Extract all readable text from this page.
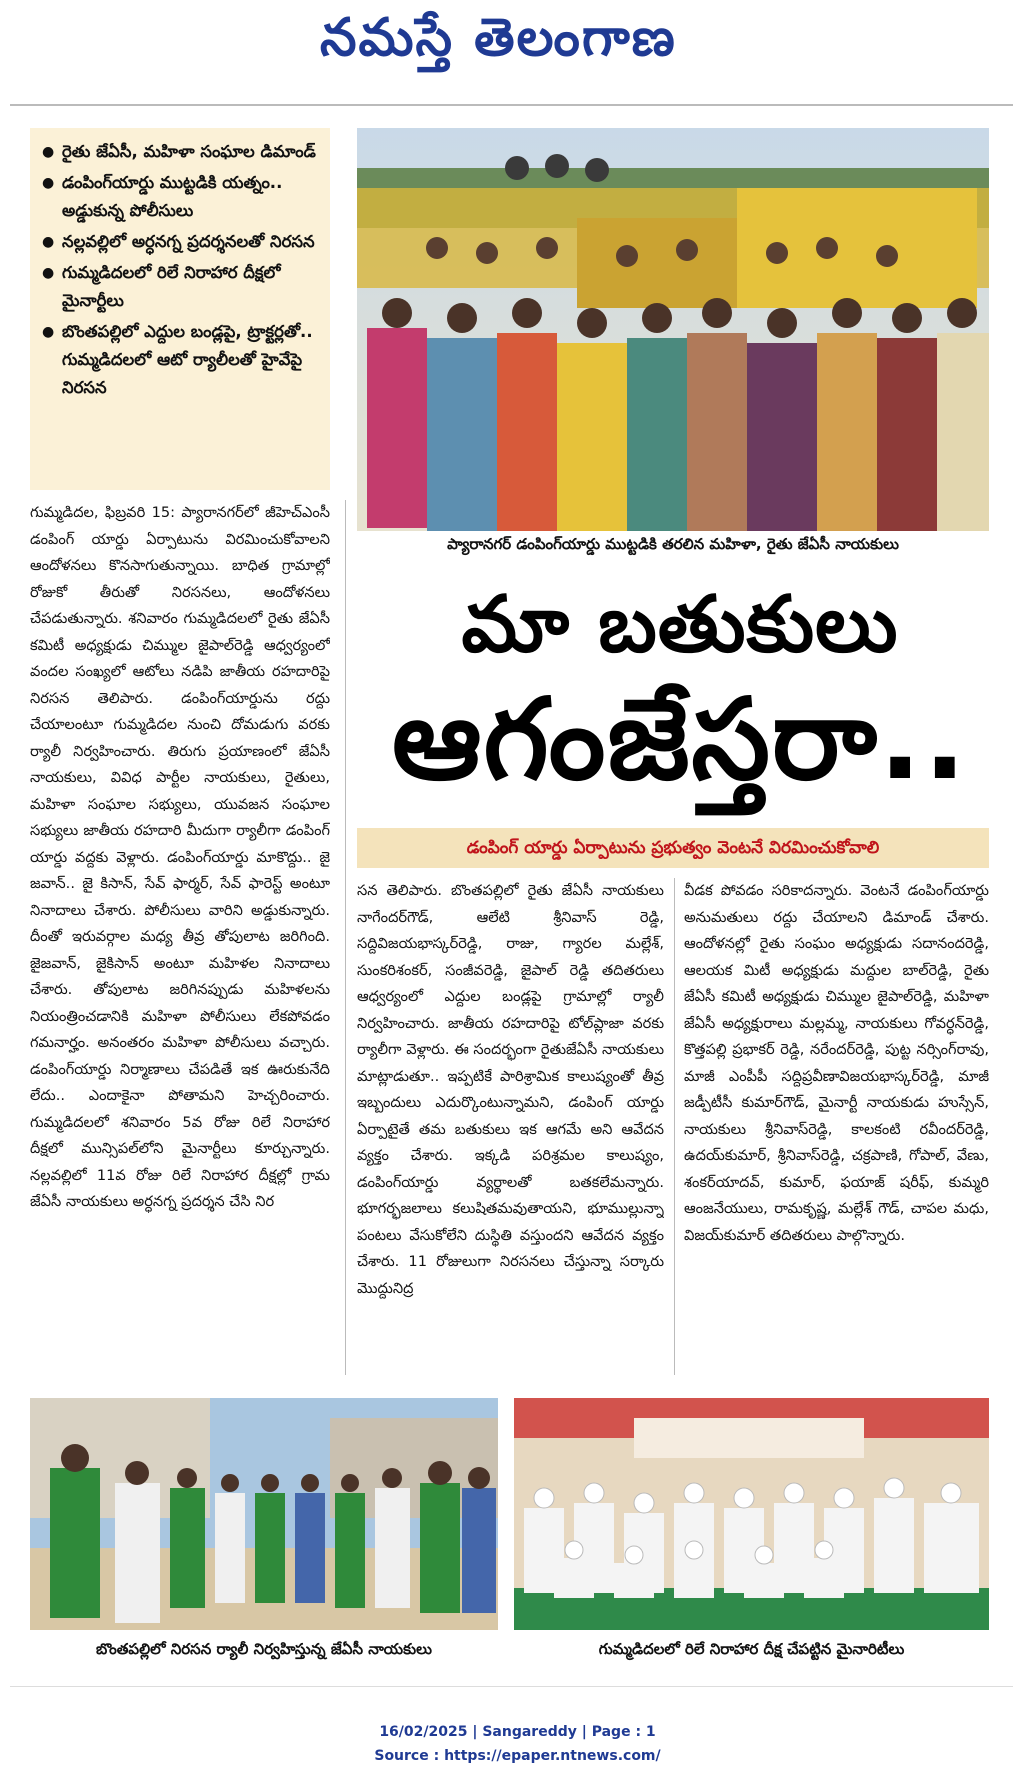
నమస్తే తెలంగాణ
● రైతు జేఏసీ, మహిళా సంఘాల డిమాండ్
● డంపింగ్‌యార్డు ముట్టడికి యత్నం.. అడ్డుకున్న పోలీసులు
● నల్లవల్లిలో అర్ధనగ్న ప్రదర్శనలతో నిరసన
● గుమ్మడిదలలో రిలే నిరాహార దీక్షలో మైనార్టీలు
● బొంతపల్లిలో ఎద్దుల బండ్లపై, ట్రాక్టర్లతో.. గుమ్మడిదలలో ఆటో ర్యాలీలతో హైవేపై నిరసన
ప్యారానగర్ డంపింగ్‌యార్డు ముట్టడికి తరలిన మహిళా, రైతు జేఏసీ నాయకులు
మా బతుకులు
ఆగంజేస్తరా..
డంపింగ్ యార్డు ఏర్పాటును ప్రభుత్వం వెంటనే విరమించుకోవాలి

గుమ్మడిదల, ఫిబ్రవరి 15: ప్యారానగర్‌లో జీహెచ్‌ఎంసీ డంపింగ్ యార్డు ఏర్పాటును విరమించుకోవాలని ఆందోళనలు కొనసాగుతున్నాయి. బాధిత గ్రామాల్లో రోజుకో తీరుతో నిరసనలు, ఆందోళనలు చేపడుతున్నారు. శనివారం గుమ్మడిదలలో రైతు జేఏసీ కమిటీ అధ్యక్షుడు చిమ్ముల జైపాల్‌రెడ్డి ఆధ్వర్యంలో వందల సంఖ్యలో ఆటోలు నడిపి జాతీయ రహదారిపై నిరసన తెలిపారు. డంపింగ్‌యార్డును రద్దు చేయాలంటూ గుమ్మడిదల నుంచి దోమడుగు వరకు ర్యాలీ నిర్వహించారు. తిరుగు ప్రయాణంలో జేఏసీ నాయకులు, వివిధ పార్టీల నాయకులు, రైతులు, మహిళా సంఘాల సభ్యులు, యువజన సంఘాల సభ్యులు జాతీయ రహదారి మీదుగా ర్యాలీగా డంపింగ్ యార్డు వద్దకు వెళ్లారు. డంపింగ్‌యార్డు మాకొద్దు.. జై జవాన్.. జై కిసాన్, సేవ్ ఫార్మర్, సేవ్ ఫారెస్ట్ అంటూ నినాదాలు చేశారు. పోలీసులు వారిని అడ్డుకున్నారు. దీంతో ఇరువర్గాల మధ్య తీవ్ర తోపులాట జరిగింది. జైజవాన్, జైకిసాన్ అంటూ మహిళల నినాదాలు చేశారు. తోపులాట జరిగినప్పుడు మహిళలను నియంత్రించడానికి మహిళా పోలీసులు లేకపోవడం గమనార్హం. అనంతరం మహిళా పోలీసులు వచ్చారు. డంపింగ్‌యార్డు నిర్మాణాలు చేపడితే ఇక ఊరుకునేది లేదు.. ఎందాకైనా పోతామని హెచ్చరించారు. గుమ్మడిదలలో శనివారం 5వ రోజు రిలే నిరాహార దీక్షలో మున్సిపల్‌లోని మైనార్టీలు కూర్చున్నారు. నల్లవల్లిలో 11వ రోజు రిలే నిరాహార దీక్షల్లో గ్రామ జేఏసీ నాయకులు అర్ధనగ్న ప్రదర్శన చేసి నిర

సన తెలిపారు. బొంతపల్లిలో రైతు జేఏసీ నాయకులు నాగేందర్‌గౌడ్, ఆలేటి శ్రీనివాస్ రెడ్డి, సద్దివిజయభాస్కర్‌రెడ్డి, రాజు, గ్యారల మల్లేశ్, సుంకరిశంకర్, సంజీవరెడ్డి, జైపాల్ రెడ్డి తదితరులు ఆధ్వర్యంలో ఎద్దుల బండ్లపై గ్రామాల్లో ర్యాలీ నిర్వహించారు. జాతీయ రహదారిపై టోల్‌ప్లాజా వరకు ర్యాలీగా వెళ్లారు. ఈ సందర్భంగా రైతుజేఏసీ నాయకులు మాట్లాడుతూ.. ఇప్పటికే పారిశ్రామిక కాలుష్యంతో తీవ్ర ఇబ్బందులు ఎదుర్కొంటున్నామని, డంపింగ్ యార్డు ఏర్పాటైతే తమ బతుకులు ఇక ఆగమే అని ఆవేదన వ్యక్తం చేశారు. ఇక్కడి పరిశ్రమల కాలుష్యం, డంపింగ్‌యార్డు వ్యర్థాలతో బతకలేమన్నారు. భూగర్భజలాలు కలుషితమవుతాయని, భూముల్లున్నా పంటలు వేసుకోలేని దుస్థితి వస్తుందని ఆవేదన వ్యక్తం చేశారు. 11 రోజులుగా నిరసనలు చేస్తున్నా సర్కారు మొద్దునిద్ర

వీడక పోవడం సరికాదన్నారు. వెంటనే డంపింగ్‌యార్డు అనుమతులు రద్దు చేయాలని డిమాండ్ చేశారు. ఆందోళనల్లో రైతు సంఘం అధ్యక్షుడు సదానందరెడ్డి, ఆలయక మిటీ అధ్యక్షుడు మద్దుల బాల్‌రెడ్డి, రైతు జేఏసీ కమిటీ అధ్యక్షుడు చిమ్ముల జైపాల్‌రెడ్డి, మహిళా జేఏసీ అధ్యక్షురాలు మల్లమ్మ, నాయకులు గోవర్ధన్‌రెడ్డి, కొత్తపల్లి ప్రభాకర్ రెడ్డి, నరేందర్‌రెడ్డి, పుట్ట నర్సింగ్‌రావు, మాజీ ఎంపీపీ సద్దిప్రవీణావిజయభాస్కర్‌రెడ్డి, మాజీ జడ్పీటీసీ కుమార్‌గౌడ్, మైనార్టీ నాయకుడు హుస్సేన్, నాయకులు శ్రీనివాస్‌రెడ్డి, కాలకంటి రవీందర్‌రెడ్డి, ఉదయ్‌కుమార్, శ్రీనివాస్‌రెడ్డి, చక్రపాణి, గోపాల్, వేణు, శంకర్‌యాదవ్, కుమార్, ఫయాజ్ షరీఫ్, కుమ్మరి ఆంజనేయులు, రామకృష్ణ, మల్లేశ్ గౌడ్, చాపల మధు, విజయ్‌కుమార్ తదితరులు పాల్గొన్నారు.

బొంతపల్లిలో నిరసన ర్యాలీ నిర్వహిస్తున్న జేఏసీ నాయకులు	గుమ్మడిదలలో రిలే నిరాహార దీక్ష చేపట్టిన మైనారిటీలు
16/02/2025 | Sangareddy | Page : 1
Source : https://epaper.ntnews.com/
